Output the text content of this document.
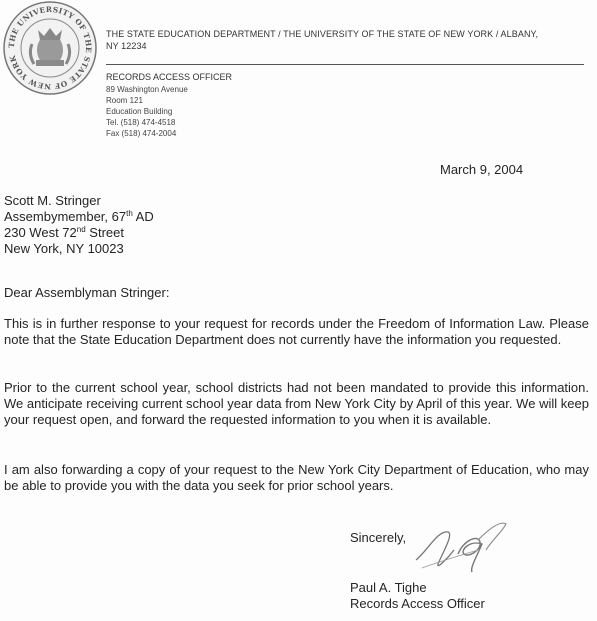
THE UNIVERSITY OF THE STATE OF NEW YORK
THE STATE EDUCATION DEPARTMENT / THE UNIVERSITY OF THE STATE OF NEW YORK / ALBANY,
NY 12234
RECORDS ACCESS OFFICER
89 Washington Avenue
Room 121
Education Building
Tel. (518) 474-4518
Fax (518) 474-2004
March 9, 2004
Scott M. Stringer
Assembymember, 67th AD
230 West 72nd Street
New York, NY 10023
Dear Assemblyman Stringer:
This is in further response to your request for records under the Freedom of Information Law. Please note that the State Education Department does not currently have the information you requested.
Prior to the current school year, school districts had not been mandated to provide this information. We anticipate receiving current school year data from New York City by April of this year. We will keep your request open, and forward the requested information to you when it is available.
I am also forwarding a copy of your request to the New York City Department of Education, who may be able to provide you with the data you seek for prior school years.
Sincerely,
Paul A. Tighe
Records Access Officer
